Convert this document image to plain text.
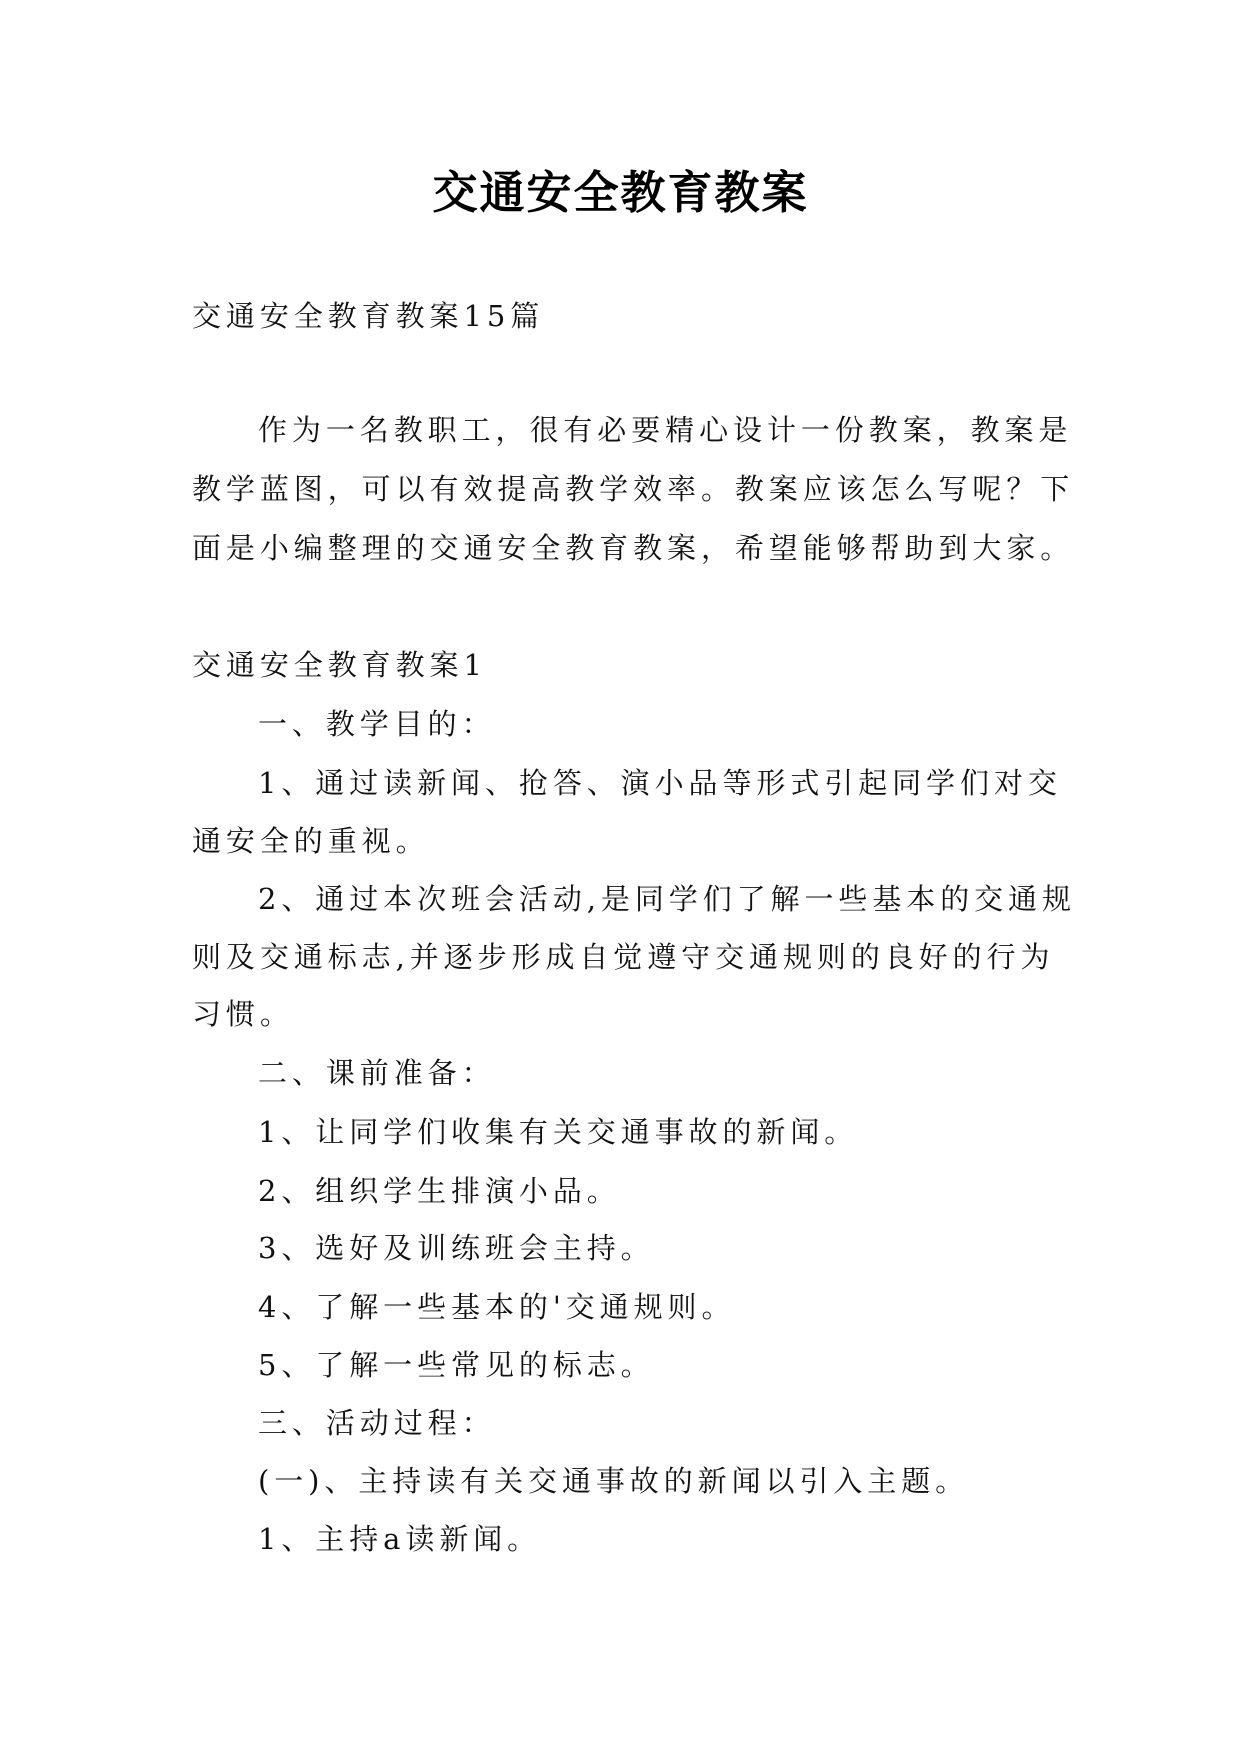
交通安全教育教案
交通安全教育教案15篇
作为一名教职工，很有必要精心设计一份教案，教案是
教学蓝图，可以有效提高教学效率。教案应该怎么写呢？下
面是小编整理的交通安全教育教案，希望能够帮助到大家。
交通安全教育教案1
一、教学目的：
1、通过读新闻、抢答、演小品等形式引起同学们对交
通安全的重视。
2、通过本次班会活动,是同学们了解一些基本的交通规
则及交通标志,并逐步形成自觉遵守交通规则的良好的行为
习惯。
二、课前准备：
1、让同学们收集有关交通事故的新闻。
2、组织学生排演小品。
3、选好及训练班会主持。
4、了解一些基本的'交通规则。
5、了解一些常见的标志。
三、活动过程：
(一)、主持读有关交通事故的新闻以引入主题。
1、主持a读新闻。
